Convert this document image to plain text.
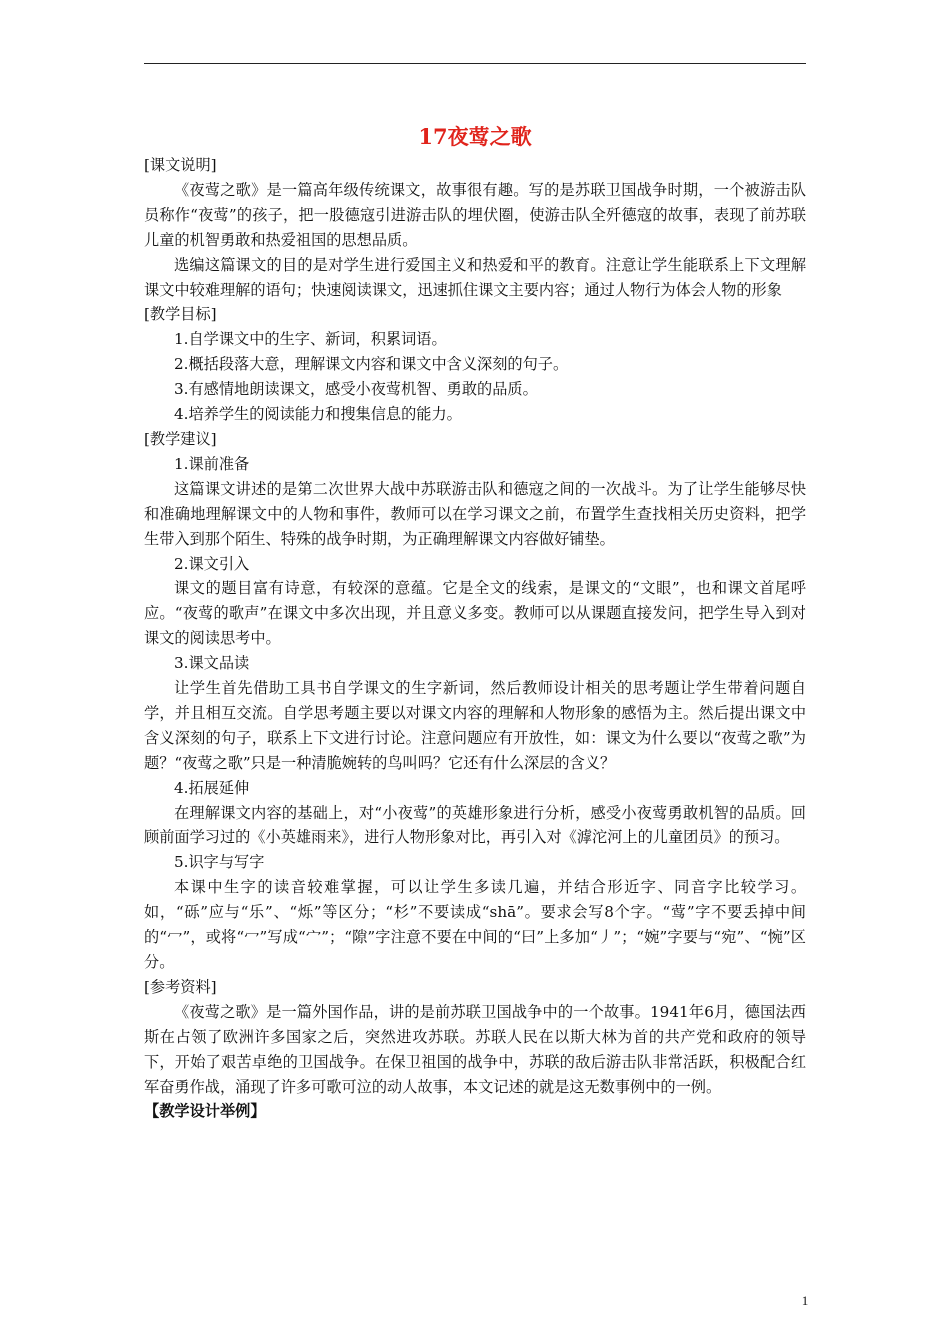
17夜莺之歌

[课文说明]

《夜莺之歌》是一篇高年级传统课文，故事很有趣。写的是苏联卫国战争时期，一个被游击队员称作“夜莺”的孩子，把一股德寇引进游击队的埋伏圈，使游击队全歼德寇的故事，表现了前苏联儿童的机智勇敢和热爱祖国的思想品质。

选编这篇课文的目的是对学生进行爱国主义和热爱和平的教育。注意让学生能联系上下文理解课文中较难理解的语句；快速阅读课文，迅速抓住课文主要内容；通过人物行为体会人物的形象

[教学目标]

1.自学课文中的生字、新词，积累词语。

2.概括段落大意，理解课文内容和课文中含义深刻的句子。

3.有感情地朗读课文，感受小夜莺机智、勇敢的品质。

4.培养学生的阅读能力和搜集信息的能力。

[教学建议]

1.课前准备

这篇课文讲述的是第二次世界大战中苏联游击队和德寇之间的一次战斗。为了让学生能够尽快和准确地理解课文中的人物和事件，教师可以在学习课文之前，布置学生查找相关历史资料，把学生带入到那个陌生、特殊的战争时期，为正确理解课文内容做好铺垫。

2.课文引入

课文的题目富有诗意，有较深的意蕴。它是全文的线索，是课文的“文眼”，也和课文首尾呼应。“夜莺的歌声”在课文中多次出现，并且意义多变。教师可以从课题直接发问，把学生导入到对课文的阅读思考中。

3.课文品读

让学生首先借助工具书自学课文的生字新词，然后教师设计相关的思考题让学生带着问题自学，并且相互交流。自学思考题主要以对课文内容的理解和人物形象的感悟为主。然后提出课文中含义深刻的句子，联系上下文进行讨论。注意问题应有开放性，如：课文为什么要以“夜莺之歌”为题？“夜莺之歌”只是一种清脆婉转的鸟叫吗？它还有什么深层的含义？

4.拓展延伸

在理解课文内容的基础上，对“小夜莺”的英雄形象进行分析，感受小夜莺勇敢机智的品质。回顾前面学习过的《小英雄雨来》，进行人物形象对比，再引入对《滹沱河上的儿童团员》的预习。

5.识字与写字

本课中生字的读音较难掌握，可以让学生多读几遍，并结合形近字、同音字比较学习。如，“砾”应与“乐”、“烁”等区分；“杉”不要读成“shā”。要求会写8个字。“莺”字不要丢掉中间的“冖”，或将“冖”写成“宀”；“隙”字注意不要在中间的“曰”上多加“丿”；“婉”字要与“宛”、“惋”区分。

[参考资料]

《夜莺之歌》是一篇外国作品，讲的是前苏联卫国战争中的一个故事。1941年6月，德国法西斯在占领了欧洲许多国家之后，突然进攻苏联。苏联人民在以斯大林为首的共产党和政府的领导下，开始了艰苦卓绝的卫国战争。在保卫祖国的战争中，苏联的敌后游击队非常活跃，积极配合红军奋勇作战，涌现了许多可歌可泣的动人故事，本文记述的就是这无数事例中的一例。

【教学设计举例】

1
